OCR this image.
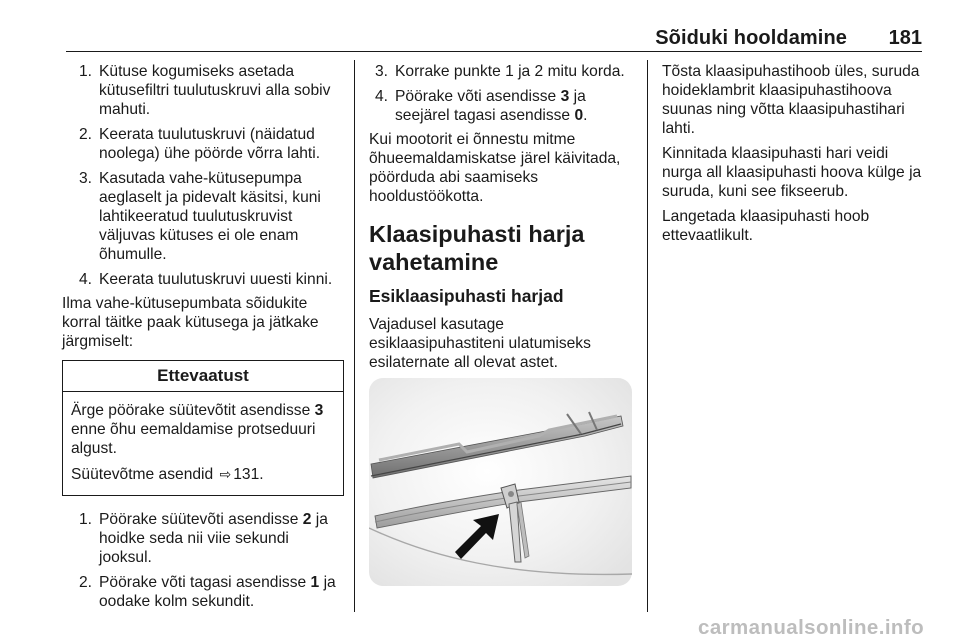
Sõiduki hooldamine 181
1. Kütuse kogumiseks asetada kütusefiltri tuulutuskruvi alla sobiv mahuti.
2. Keerata tuulutuskruvi (näidatud noolega) ühe pöörde võrra lahti.
3. Kasutada vahe-kütusepumpa aeglaselt ja pidevalt käsitsi, kuni lahtikeeratud tuulutuskruvist väljuvas kütuses ei ole enam õhumulle.
4. Keerata tuulutuskruvi uuesti kinni.

Ilma vahe-kütusepumbata sõidukite korral täitke paak kütusega ja jätkake järgmiselt:

Ettevaatust

Ärge pöörake süütevõtit asendisse 3 enne õhu eemaldamise protseduuri algust.

Süütevõtme asendid ⇨ 131.

1. Pöörake süütevõti asendisse 2 ja hoidke seda nii viie sekundi jooksul.
2. Pöörake võti tagasi asendisse 1 ja oodake kolm sekundit.
3. Korrake punkte 1 ja 2 mitu korda.
4. Pöörake võti asendisse 3 ja seejärel tagasi asendisse 0.

Kui mootorit ei õnnestu mitme õhueemaldamiskatse järel käivitada, pöörduda abi saamiseks hooldustöökotta.

Klaasipuhasti harja vahetamine
Esiklaasipuhasti harjad

Vajadusel kasutage esiklaasipuhastiteni ulatumiseks esilaternate all olevat astet.

Tõsta klaasipuhastihoob üles, suruda hoideklambrit klaasipuhastihoova suunas ning võtta klaasipuhastihari lahti.

Kinnitada klaasipuhasti hari veidi nurga all klaasipuhasti hoova külge ja suruda, kuni see fikseerub.

Langetada klaasipuhasti hoob ettevaatlikult.

carmanualsonline.info
